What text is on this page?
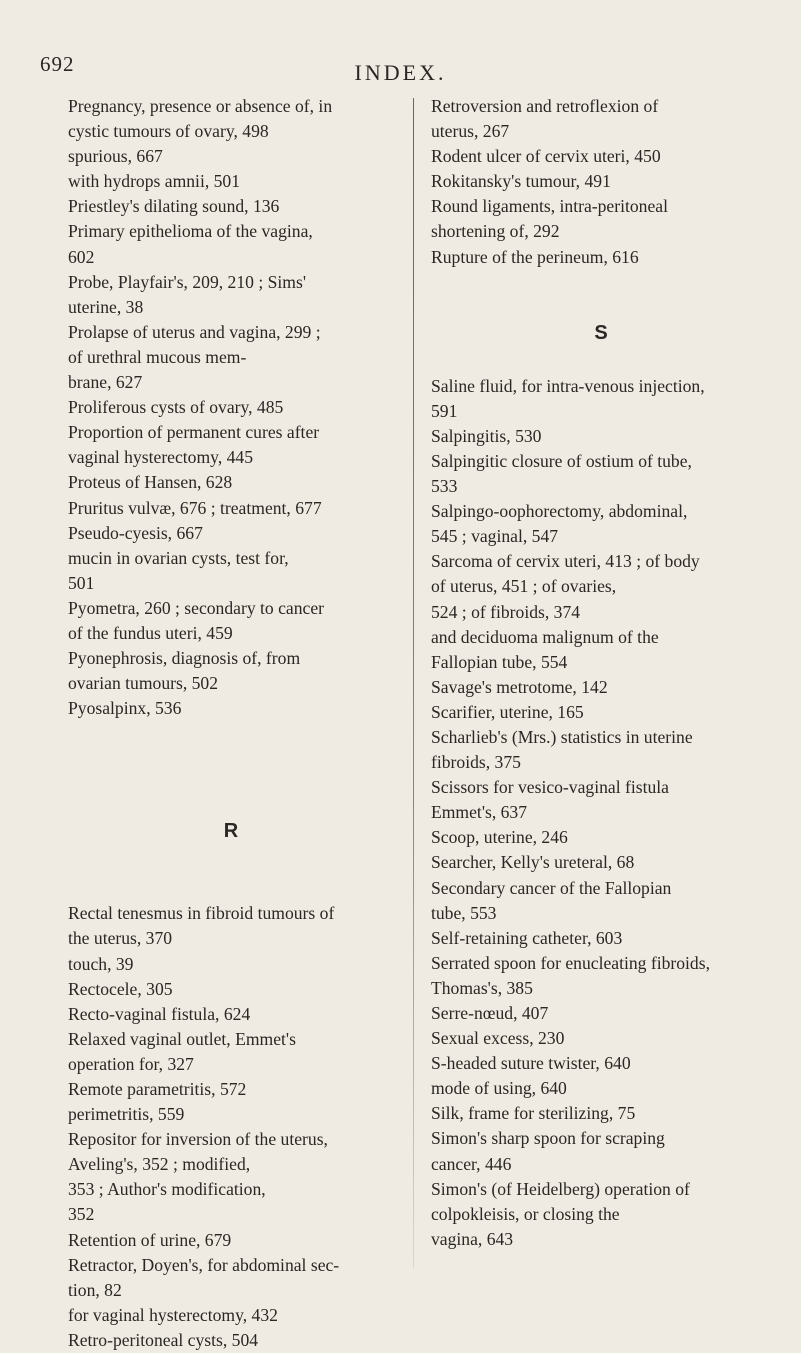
692	INDEX.

Pregnancy, presence or absence of, in
cystic tumours of ovary, 498
spurious, 667
with hydrops amnii, 501

Priestley's dilating sound, 136

Primary epithelioma of the vagina,
602

Probe, Playfair's, 209, 210 ; Sims'
uterine, 38

Prolapse of uterus and vagina, 299 ;
of urethral mucous mem-
brane, 627

Proliferous cysts of ovary, 485

Proportion of permanent cures after
vaginal hysterectomy, 445

Proteus of Hansen, 628

Pruritus vulvæ, 676 ; treatment, 677

Pseudo-cyesis, 667
mucin in ovarian cysts, test for,
501

Pyometra, 260 ; secondary to cancer
of the fundus uteri, 459

Pyonephrosis, diagnosis of, from
ovarian tumours, 502

Pyosalpinx, 536

R

Rectal tenesmus in fibroid tumours of
the uterus, 370
touch, 39

Rectocele, 305

Recto-vaginal fistula, 624

Relaxed vaginal outlet, Emmet's
operation for, 327

Remote parametritis, 572
perimetritis, 559

Repositor for inversion of the uterus,
Aveling's, 352 ; modified,
353 ; Author's modification,
352

Retention of urine, 679

Retractor, Doyen's, for abdominal sec-
tion, 82
for vaginal hysterectomy, 432

Retro-peritoneal cysts, 504

Retroversion and retroflexion of
uterus, 267

Rodent ulcer of cervix uteri, 450

Rokitansky's tumour, 491

Round ligaments, intra-peritoneal
shortening of, 292

Rupture of the perineum, 616

S

Saline fluid, for intra-venous injection,
591

Salpingitis, 530

Salpingitic closure of ostium of tube,
533

Salpingo-oophorectomy, abdominal,
545 ; vaginal, 547

Sarcoma of cervix uteri, 413 ; of body
of uterus, 451 ; of ovaries,
524 ; of fibroids, 374
and deciduoma malignum of the
Fallopian tube, 554

Savage's metrotome, 142

Scarifier, uterine, 165

Scharlieb's (Mrs.) statistics in uterine
fibroids, 375

Scissors for vesico-vaginal fistula
Emmet's, 637

Scoop, uterine, 246

Searcher, Kelly's ureteral, 68

Secondary cancer of the Fallopian
tube, 553

Self-retaining catheter, 603

Serrated spoon for enucleating fibroids,
Thomas's, 385

Serre-nœud, 407

Sexual excess, 230

S-headed suture twister, 640
mode of using, 640

Silk, frame for sterilizing, 75

Simon's sharp spoon for scraping
cancer, 446

Simon's (of Heidelberg) operation of
colpokleisis, or closing the
vagina, 643
